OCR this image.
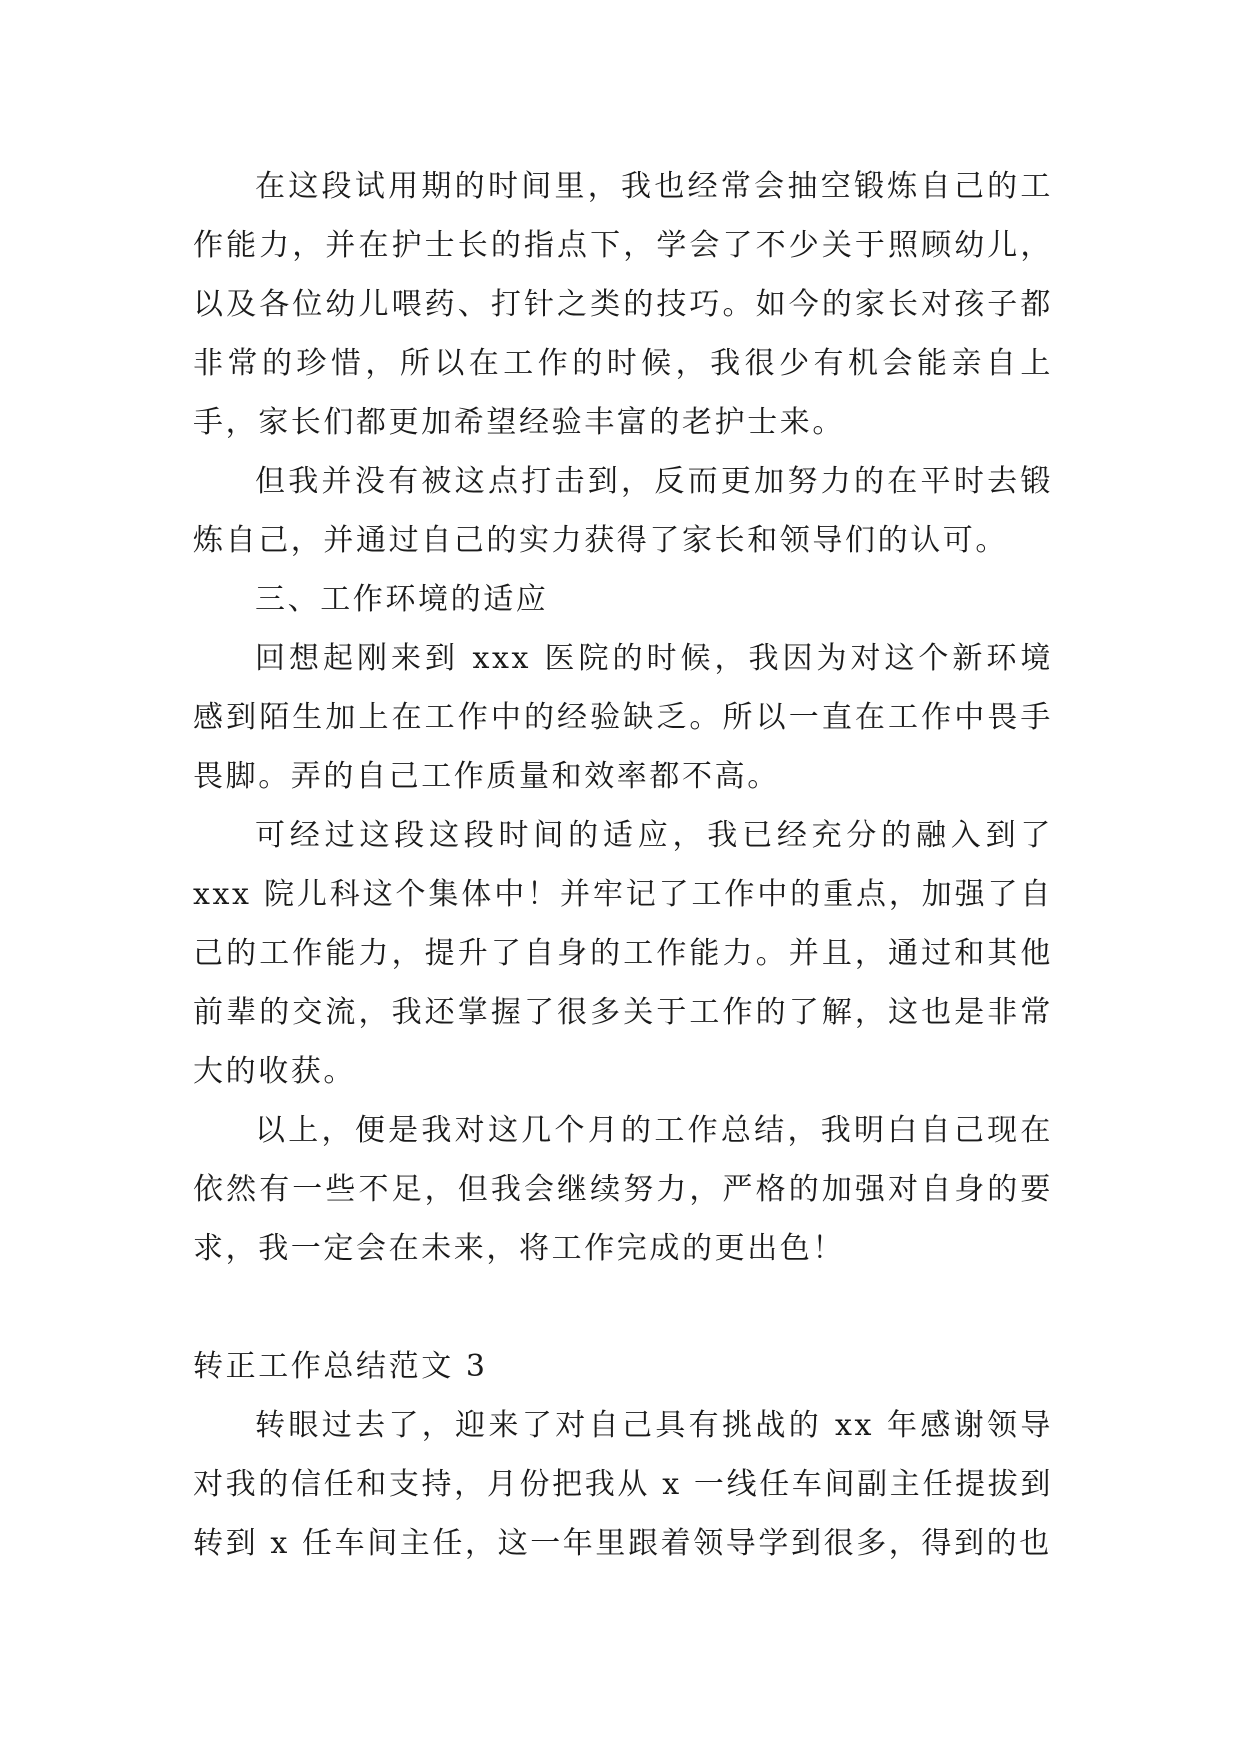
在这段试用期的时间里，我也经常会抽空锻炼自己的工作能力，并在护士长的指点下，学会了不少关于照顾幼儿，以及各位幼儿喂药、打针之类的技巧。如今的家长对孩子都非常的珍惜，所以在工作的时候，我很少有机会能亲自上手，家长们都更加希望经验丰富的老护士来。

但我并没有被这点打击到，反而更加努力的在平时去锻炼自己，并通过自己的实力获得了家长和领导们的认可。

三、工作环境的适应

回想起刚来到 xxx 医院的时候，我因为对这个新环境感到陌生加上在工作中的经验缺乏。所以一直在工作中畏手畏脚。弄的自己工作质量和效率都不高。

可经过这段这段时间的适应，我已经充分的融入到了 xxx 院儿科这个集体中！并牢记了工作中的重点，加强了自己的工作能力，提升了自身的工作能力。并且，通过和其他前辈的交流，我还掌握了很多关于工作的了解，这也是非常大的收获。

以上，便是我对这几个月的工作总结，我明白自己现在依然有一些不足，但我会继续努力，严格的加强对自身的要求，我一定会在未来，将工作完成的更出色！

转正工作总结范文 3

转眼过去了，迎来了对自己具有挑战的 xx 年感谢领导对我的信任和支持，月份把我从 x 一线任车间副主任提拔到转到 x 任车间主任，这一年里跟着领导学到很多，得到的也
